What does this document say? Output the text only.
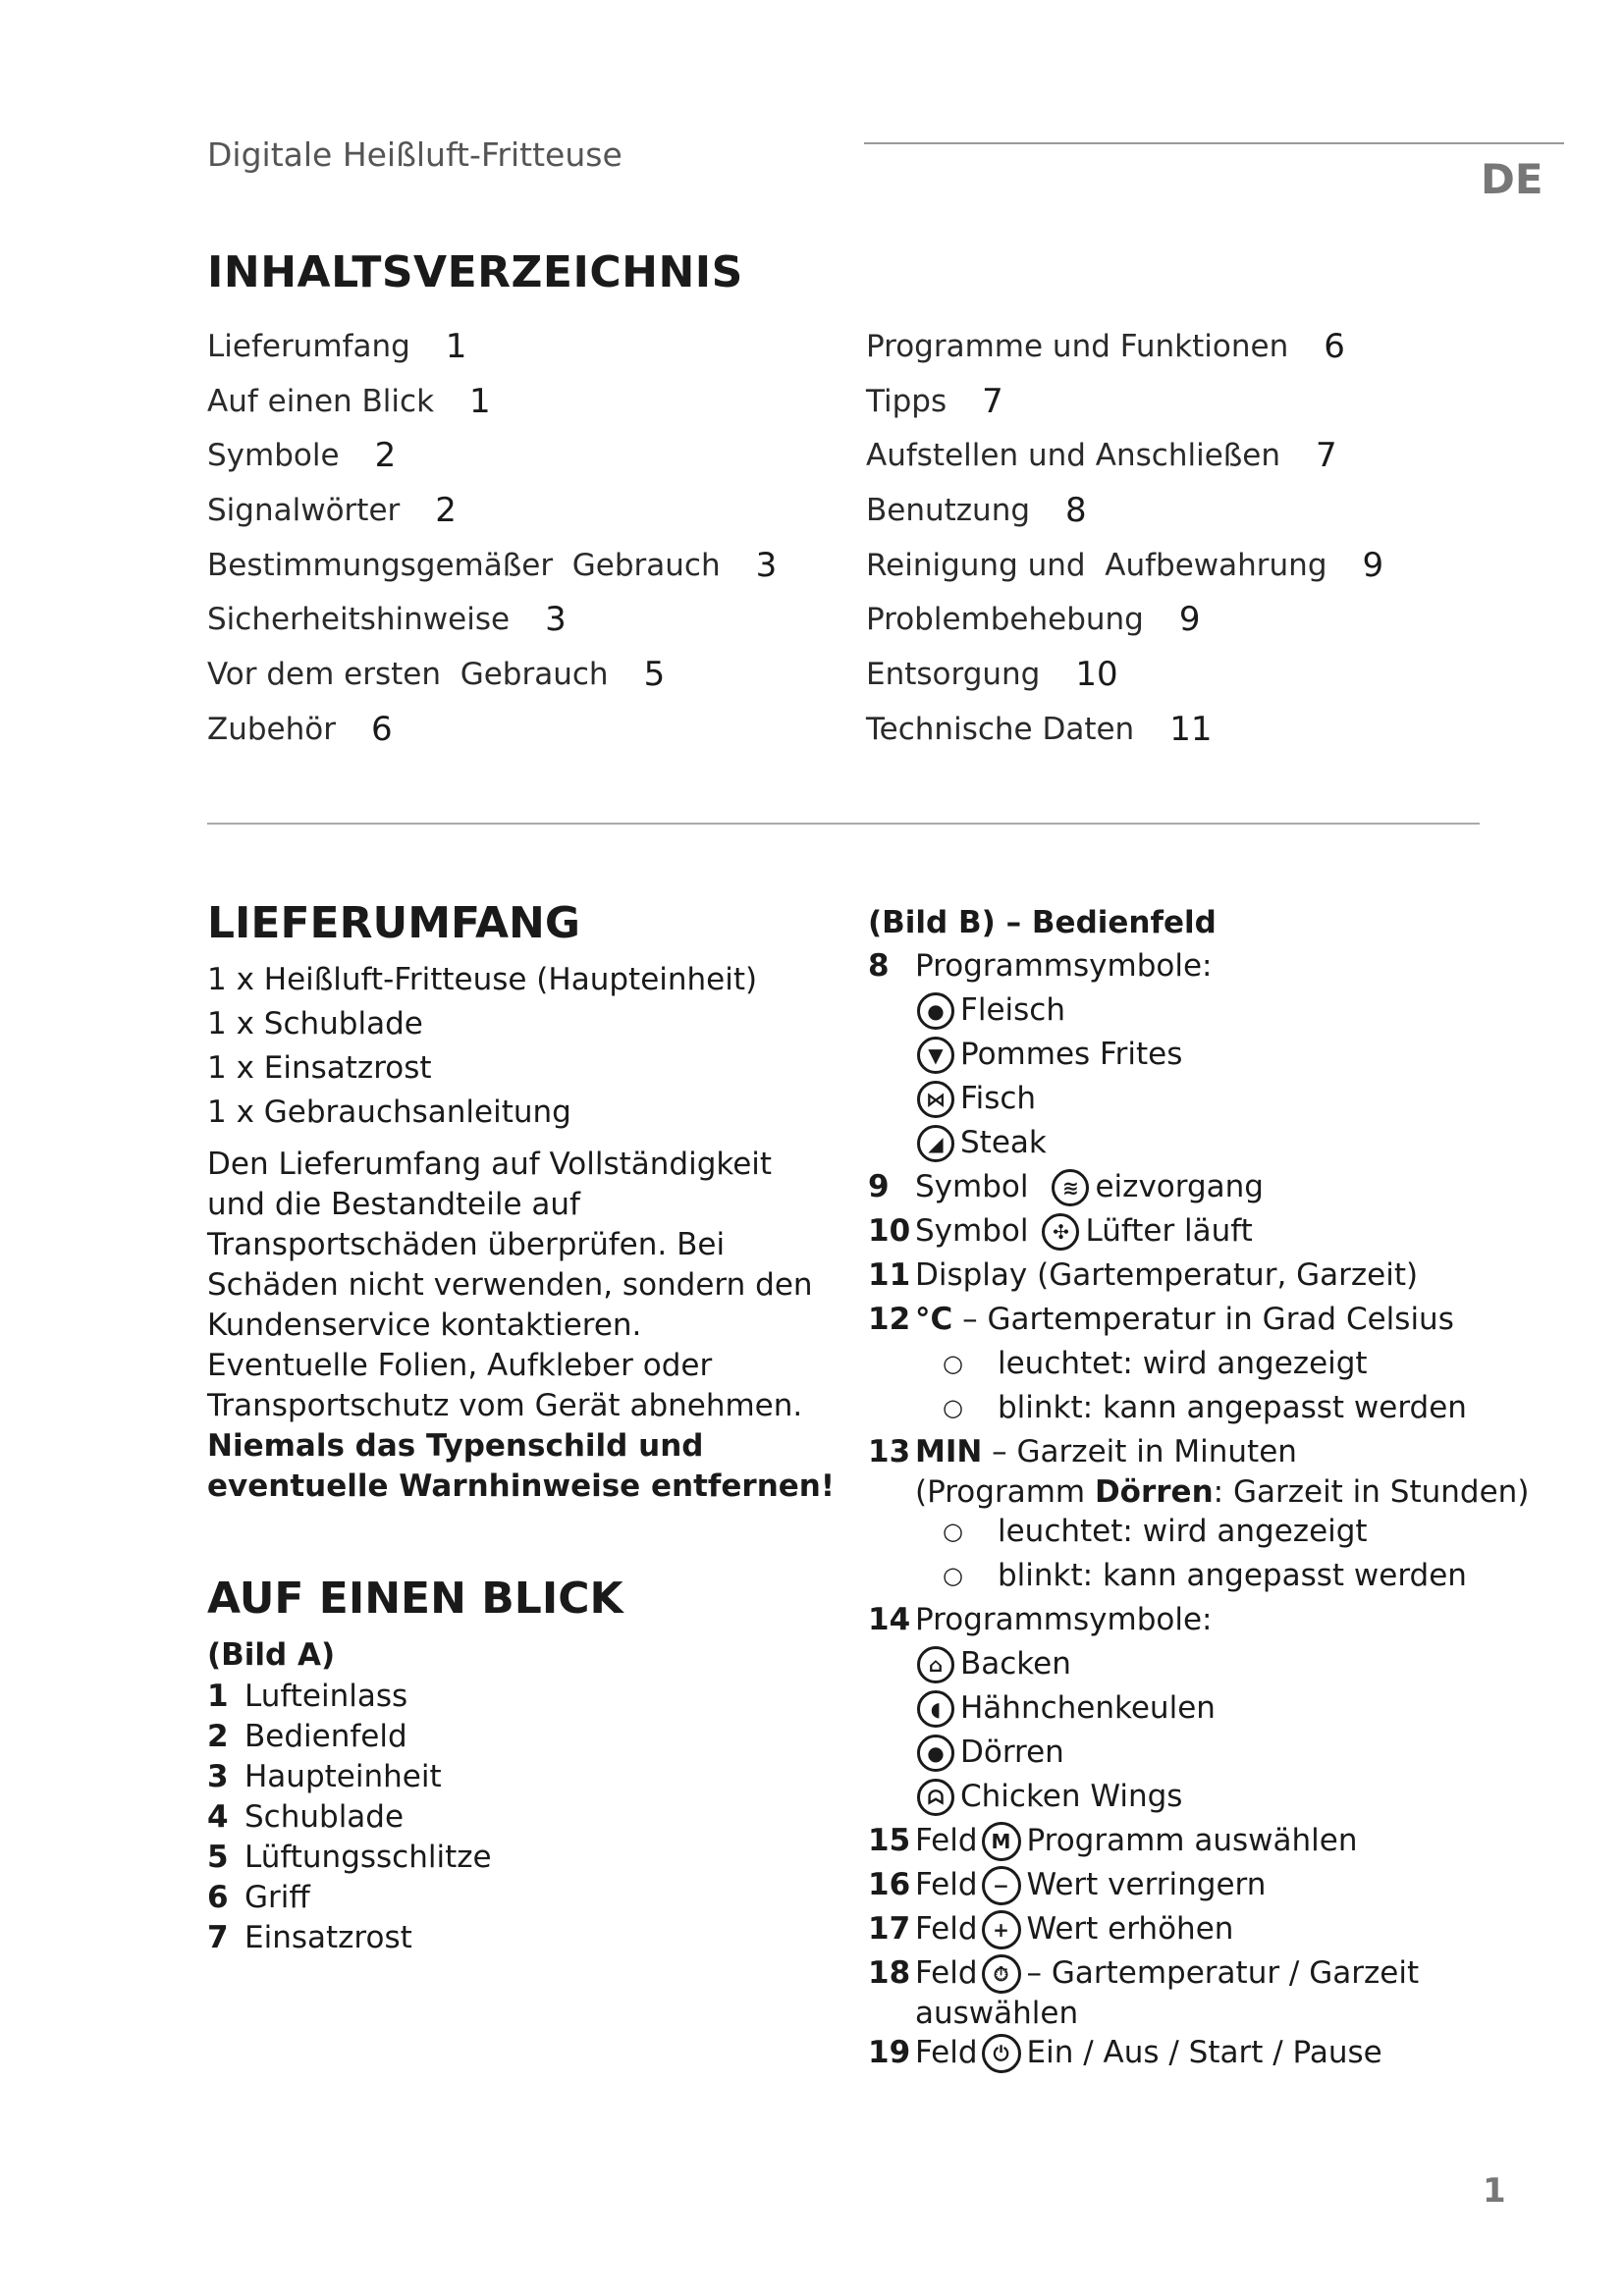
Digitale Heißluft-Fritteuse
DE
INHALTSVERZEICHNIS
Lieferumfang 1
Auf einen Blick 1
Symbole 2
Signalwörter 2
Bestimmungsgemäßer  Gebrauch 3
Sicherheitshinweise 3
Vor dem ersten  Gebrauch 5
Zubehör 6
Programme und Funktionen 6
Tipps 7
Aufstellen und Anschließen 7
Benutzung 8
Reinigung und  Aufbewahrung 9
Problembehebung 9
Entsorgung 10
Technische Daten 11
LIEFERUMFANG
1 x Heißluft-Fritteuse (Haupteinheit)
1 x Schublade
1 x Einsatzrost
1 x Gebrauchsanleitung
Den Lieferumfang auf Vollständigkeit und die Bestandteile auf Transportschäden überprüfen. Bei Schäden nicht verwenden, sondern den Kundenservice kontaktieren.
Eventuelle Folien, Aufkleber oder Transportschutz vom Gerät abnehmen. Niemals das Typenschild und eventuelle Warnhinweise entfernen!
AUF EINEN BLICK
(Bild A)
1 Lufteinlass
2 Bedienfeld
3 Haupteinheit
4 Schublade
5 Lüftungsschlitze
6 Griff
7 Einsatzrost
(Bild B) – Bedienfeld
8 Programmsymbole:
● Fleisch
▼ Pommes Frites
⋈ Fisch
◢ Steak
9 Symbol	≋ eizvorgang
10 Symbol	✣ Lüfter läuft
11 Display (Gartemperatur, Garzeit)
12 °C – Gartemperatur in Grad Celsius
○	leuchtet: wird angezeigt
○	blinkt: kann angepasst werden
13 MIN – Garzeit in Minuten
(Programm Dörren : Garzeit in Stunden)
○	leuchtet: wird angezeigt
○	blinkt: kann angepasst werden
14 Programmsymbole:
⌂ Backen
◖ Hähnchenkeulen
● Dörren
ᗣ Chicken Wings
15 Feld M Programm auswählen
16 Feld − Wert verringern
17 Feld + Wert erhöhen
18 Feld ⏱ – Gartemperatur / Garzeit
auswählen
19 Feld ⏻ Ein / Aus / Start / Pause
1
